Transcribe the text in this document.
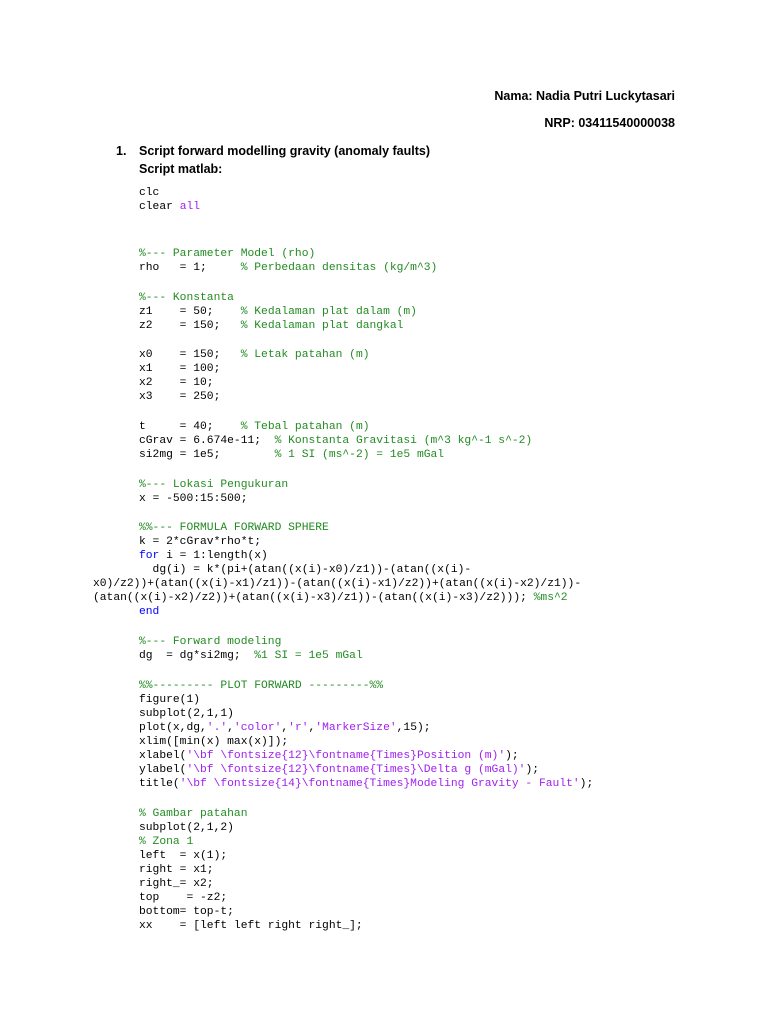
Nama: Nadia Putri Luckytasari
NRP: 03411540000038
1. Script forward modelling gravity (anomaly faults)
Script matlab:
clc
clear all
%--- Parameter Model (rho)
rho   = 1;     % Perbedaan densitas (kg/m^3)
%--- Konstanta
z1    = 50;    % Kedalaman plat dalam (m)
z2    = 150;   % Kedalaman plat dangkal
x0    = 150;   % Letak patahan (m)
x1    = 100;
x2    = 10;
x3    = 250;
t     = 40;    % Tebal patahan (m)
cGrav = 6.674e-11;  % Konstanta Gravitasi (m^3 kg^-1 s^-2)
si2mg = 1e5;        % 1 SI (ms^-2) = 1e5 mGal
%--- Lokasi Pengukuran
x = -500:15:500;
%%--- FORMULA FORWARD SPHERE
k = 2*cGrav*rho*t;
for i = 1:length(x)
dg(i) = k*(pi+(atan((x(i)-x0)/z1))-(atan((x(i)-
x0)/z2))+(atan((x(i)-x1)/z1))-(atan((x(i)-x1)/z2))+(atan((x(i)-x2)/z1))-
(atan((x(i)-x2)/z2))+(atan((x(i)-x3)/z1))-(atan((x(i)-x3)/z2))); %ms^2
end
%--- Forward modeling
dg  = dg*si2mg;  %1 SI = 1e5 mGal
%%--------- PLOT FORWARD ---------%%
figure(1)
subplot(2,1,1)
plot(x,dg,'.','color','r','MarkerSize',15);
xlim([min(x) max(x)]);
xlabel('\bf \fontsize{12}\fontname{Times}Position (m)');
ylabel('\bf \fontsize{12}\fontname{Times}\Delta g (mGal)');
title('\bf \fontsize{14}\fontname{Times}Modeling Gravity - Fault');
% Gambar patahan
subplot(2,1,2)
% Zona 1
left  = x(1);
right = x1;
right_= x2;
top    = -z2;
bottom= top-t;
xx    = [left left right right_];
